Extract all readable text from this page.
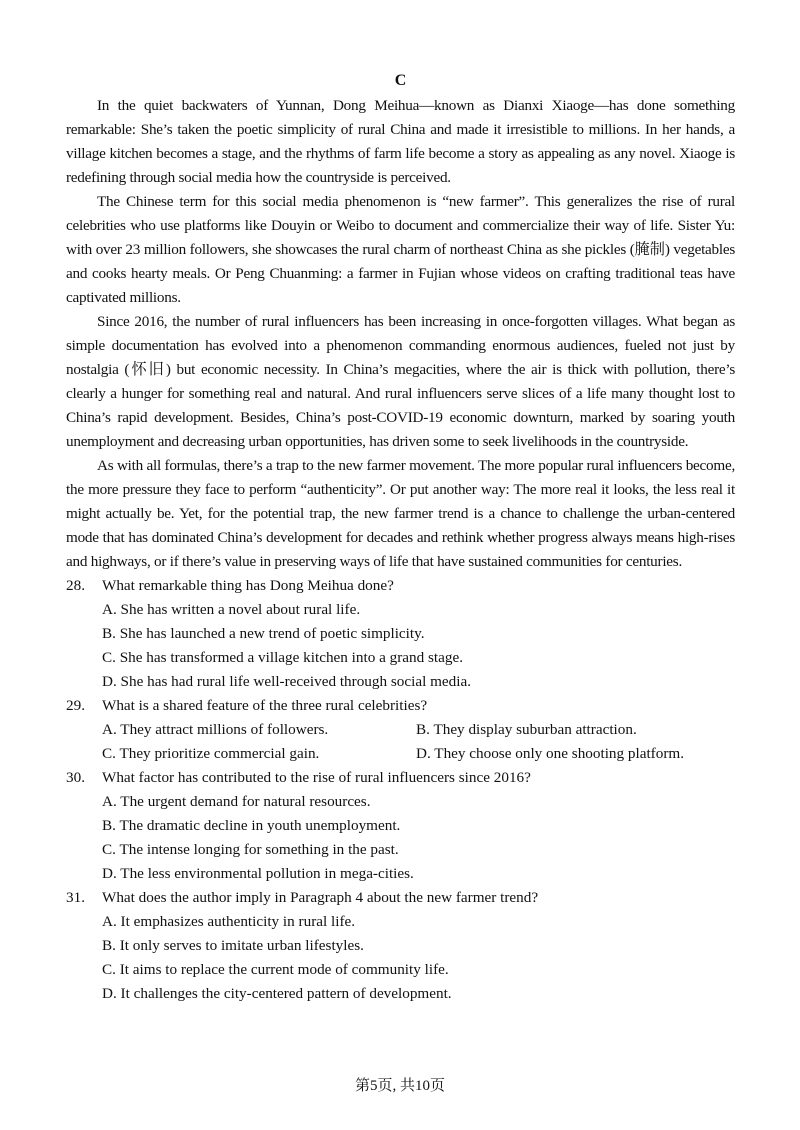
C

In the quiet backwaters of Yunnan, Dong Meihua—known as Dianxi Xiaoge—has done something remarkable: She’s taken the poetic simplicity of rural China and made it irresistible to millions. In her hands, a village kitchen becomes a stage, and the rhythms of farm life become a story as appealing as any novel. Xiaoge is redefining through social media how the countryside is perceived.

The Chinese term for this social media phenomenon is “new farmer”. This generalizes the rise of rural celebrities who use platforms like Douyin or Weibo to document and commercialize their way of life. Sister Yu: with over 23 million followers, she showcases the rural charm of northeast China as she pickles (腌制) vegetables and cooks hearty meals. Or Peng Chuanming: a farmer in Fujian whose videos on crafting traditional teas have captivated millions.

Since 2016, the number of rural influencers has been increasing in once-forgotten villages. What began as simple documentation has evolved into a phenomenon commanding enormous audiences, fueled not just by nostalgia (怀旧) but economic necessity. In China’s megacities, where the air is thick with pollution, there’s clearly a hunger for something real and natural. And rural influencers serve slices of a life many thought lost to China’s rapid development. Besides, China’s post-COVID-19 economic downturn, marked by soaring youth unemployment and decreasing urban opportunities, has driven some to seek livelihoods in the countryside.

As with all formulas, there’s a trap to the new farmer movement. The more popular rural influencers become, the more pressure they face to perform “authenticity”. Or put another way: The more real it looks, the less real it might actually be. Yet, for the potential trap, the new farmer trend is a chance to challenge the urban-centered mode that has dominated China’s development for decades and rethink whether progress always means high-rises and highways, or if there’s value in preserving ways of life that have sustained communities for centuries.

28.	What remarkable thing has Dong Meihua done?
A. She has written a novel about rural life.
B. She has launched a new trend of poetic simplicity.
C. She has transformed a village kitchen into a grand stage.
D. She has had rural life well-received through social media.
29.	What is a shared feature of the three rural celebrities?
A. They attract millions of followers.	B. They display suburban attraction.
C. They prioritize commercial gain.	D. They choose only one shooting platform.
30.	What factor has contributed to the rise of rural influencers since 2016?
A. The urgent demand for natural resources.
B. The dramatic decline in youth unemployment.
C. The intense longing for something in the past.
D. The less environmental pollution in mega-cities.
31.	What does the author imply in Paragraph 4 about the new farmer trend?
A. It emphasizes authenticity in rural life.
B. It only serves to imitate urban lifestyles.
C. It aims to replace the current mode of community life.
D. It challenges the city-centered pattern of development.
第5页, 共10页
